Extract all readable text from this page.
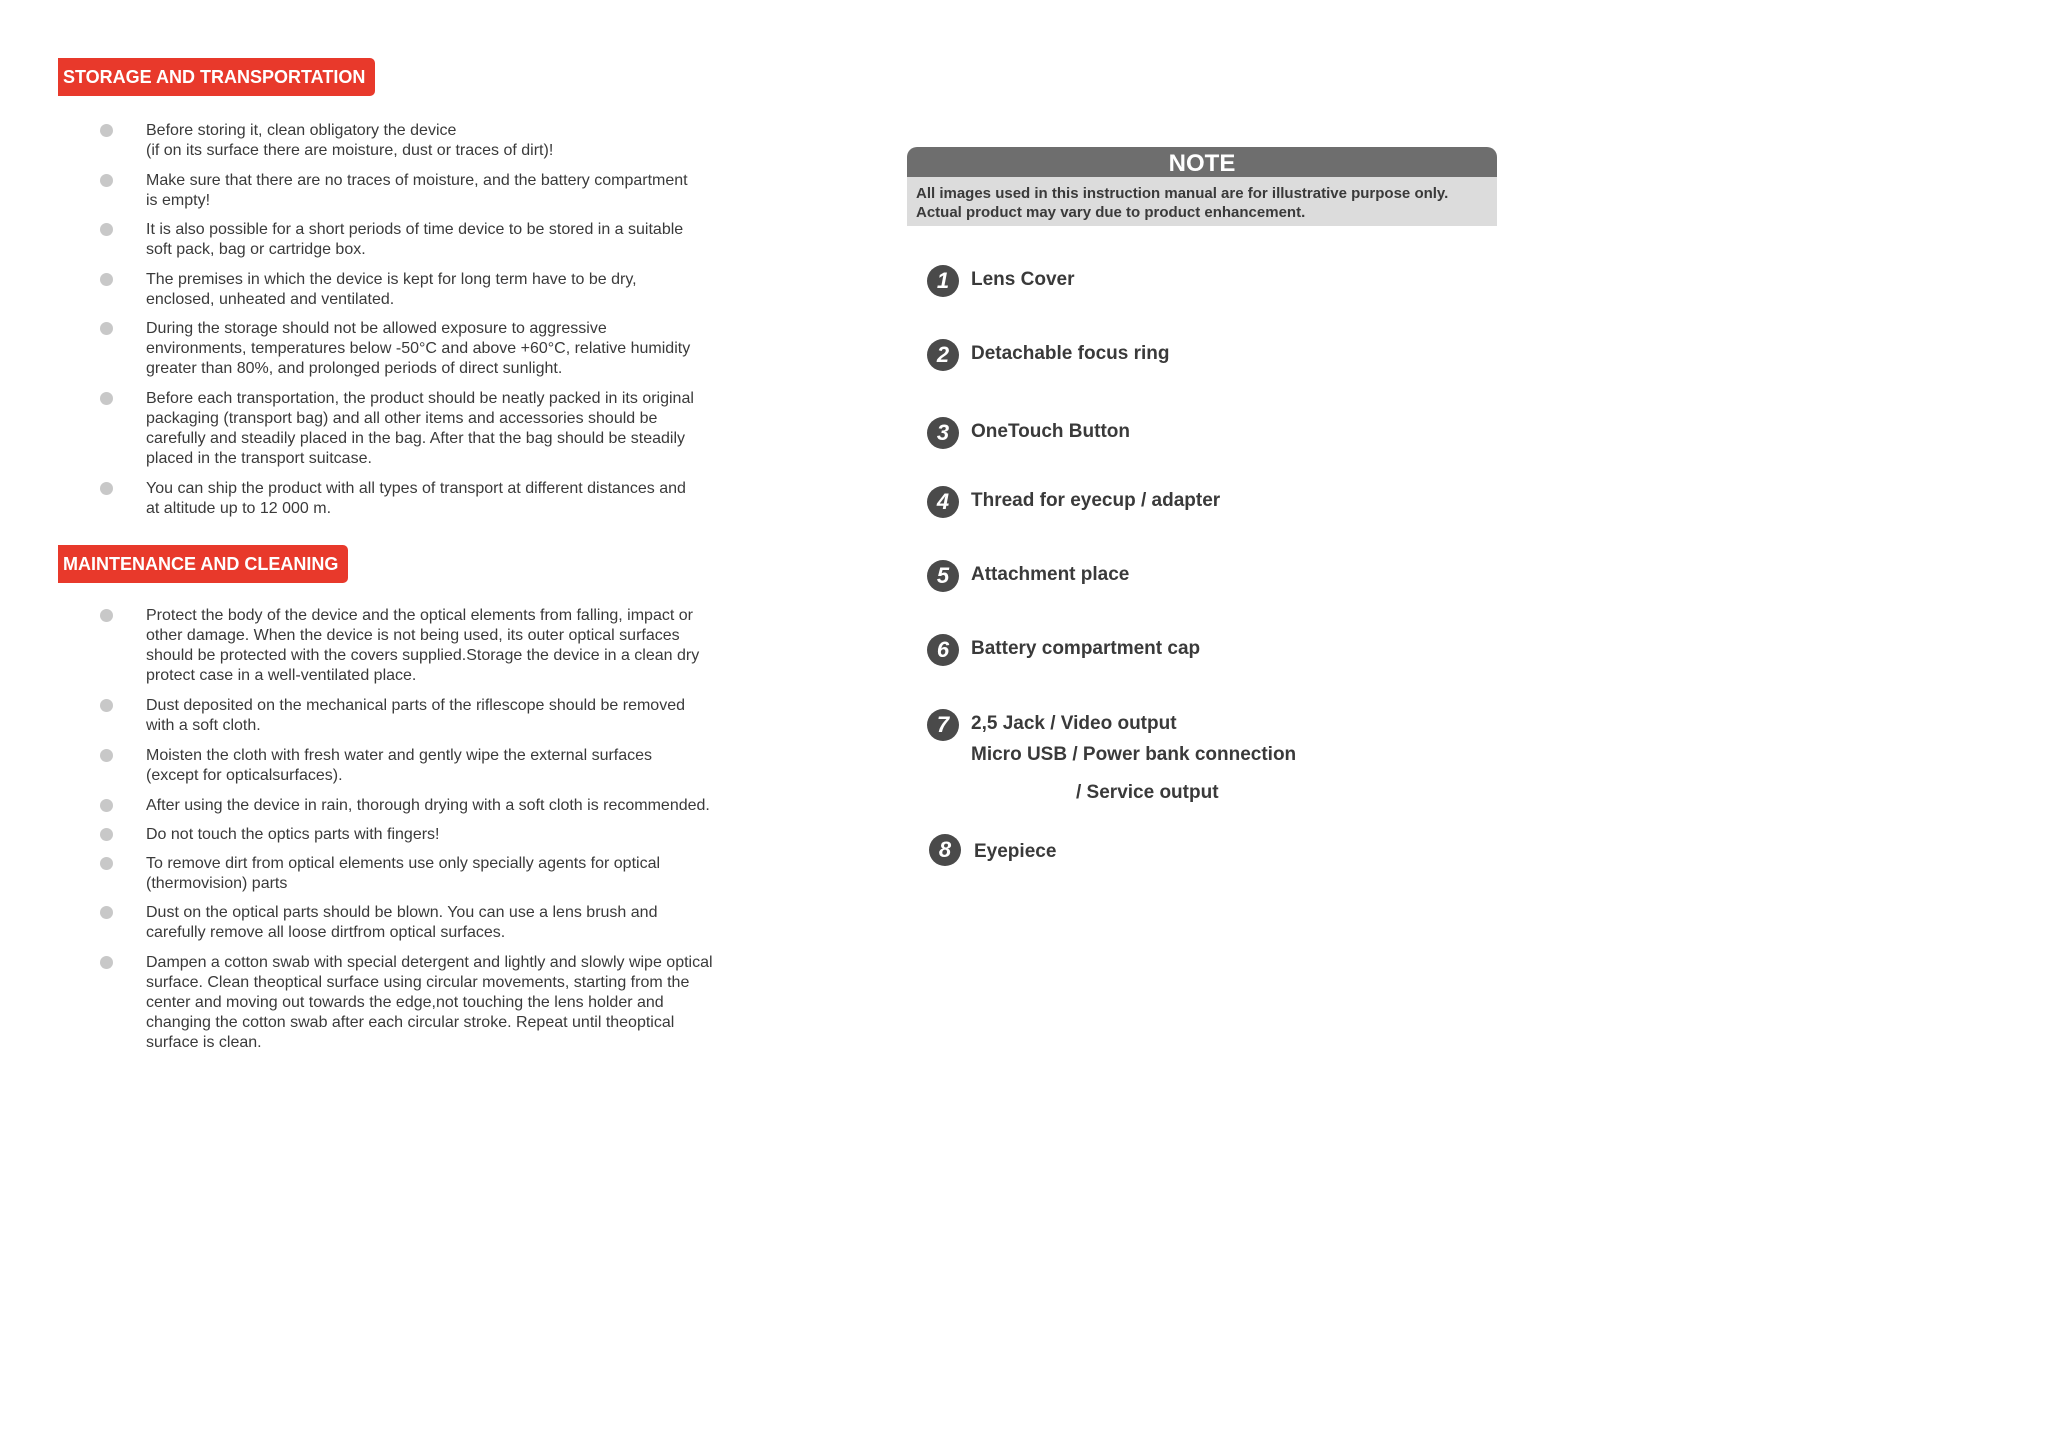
STORAGE AND TRANSPORTATION
Before storing it, clean obligatory the device
(if on its surface there are moisture, dust or traces of dirt)!
Make sure that there are no traces of moisture, and the battery compartment
is empty!
It is also possible for a short periods of time device to be stored in a suitable
soft pack, bag or cartridge box.
The premises in which the device is kept for long term have to be dry,
enclosed, unheated and ventilated.
During the storage should not be allowed exposure to aggressive
environments, temperatures below -50°C and above +60°C, relative humidity
greater than 80%, and prolonged periods of direct sunlight.
Before each transportation, the product should be neatly packed in its original
packaging (transport bag) and all other items and accessories should be
carefully and steadily placed in the bag. After that the bag should be steadily
placed in the transport suitcase.
You can ship the product with all types of transport at different distances and
at altitude up to 12 000 m.
MAINTENANCE AND CLEANING
Protect the body of the device and the optical elements from falling, impact or
other damage. When the device is not being used, its outer optical surfaces
should be protected with the covers supplied.Storage the device in a clean dry
protect case in a well-ventilated place.
Dust deposited on the mechanical parts of the riflescope should be removed
with a soft cloth.
Moisten the cloth with fresh water and gently wipe the external surfaces
(except for opticalsurfaces).
After using the device in rain, thorough drying with a soft cloth is recommended.
Do not touch the optics parts with fingers!
To remove dirt from optical elements use only specially agents for optical
(thermovision) parts
Dust on the optical parts should be blown. You can use a lens brush and
carefully remove all loose dirtfrom optical surfaces.
Dampen a cotton swab with special detergent and lightly and slowly wipe optical
surface. Clean theoptical surface using circular movements, starting from the
center and moving out towards the edge,not touching the lens holder and
changing the cotton swab after each circular stroke. Repeat until theoptical
surface is clean.
NOTE
All images used in this instruction manual are for illustrative purpose only.
Actual product may vary due to product enhancement.
1	Lens Cover
2	Detachable focus ring
3	OneTouch Button
4	Thread for eyecup / adapter
5	Attachment place
6	Battery compartment cap
7	2,5 Jack / Video output
Micro USB / Power bank connection
/ Service output
8	Eyepiece
